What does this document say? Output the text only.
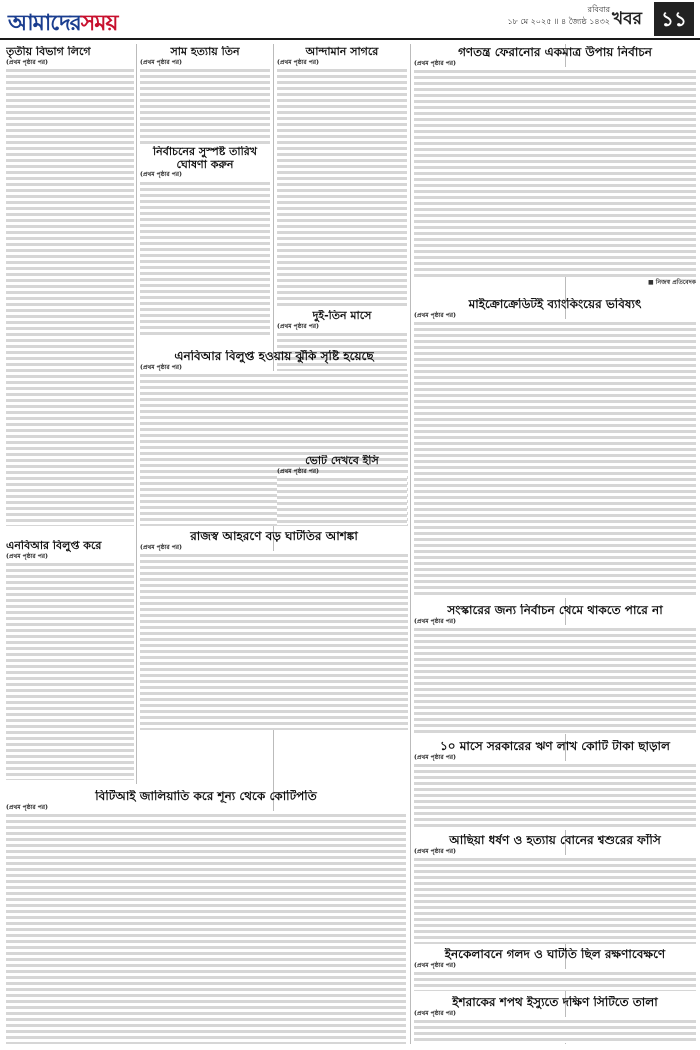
আমাদেরসময়
রবিবার
১৮ মে ২০২৫ ॥ ৪ জ্যৈষ্ঠ ১৪৩২ খবর ১১
তৃতীয় বিভাগ লিগে
(প্রথম পৃষ্ঠার পর)
সাম হত্যায় তিন
(প্রথম পৃষ্ঠার পর)
নির্বাচনের সুস্পষ্ট তারিখ ঘোষণা করুন
(প্রথম পৃষ্ঠার পর)
আন্দামান সাগরে
(প্রথম পৃষ্ঠার পর)
গণতন্ত্র ফেরানোর একমাত্র উপায় নির্বাচন
(প্রথম পৃষ্ঠার পর)
■ নিজস্ব প্রতিবেদক
দুই-তিন মাসে
(প্রথম পৃষ্ঠার পর)
মাইক্রোক্রেডিটই ব্যাংকিংয়ের ভবিষ্যৎ
(প্রথম পৃষ্ঠার পর)
এনবিআর বিলুপ্ত হওয়ায় ঝুঁকি সৃষ্টি হয়েছে
(প্রথম পৃষ্ঠার পর)
সংস্কারের জন্য নির্বাচন থেমে থাকতে পারে না
(প্রথম পৃষ্ঠার পর)
এনবিআর বিলুপ্ত করে
(প্রথম পৃষ্ঠার পর)
রাজস্ব আহরণে বড় ঘাটতির আশঙ্কা
(প্রথম পৃষ্ঠার পর)
ভোট দেখবে ইসি
(প্রথম পৃষ্ঠার পর)
১০ মাসে সরকারের ঋণ লাখ কোটি টাকা ছাড়াল
(প্রথম পৃষ্ঠার পর)
আছিয়া ধর্ষণ ও হত্যায় বোনের শ্বশুরের ফাঁসি
(প্রথম পৃষ্ঠার পর)
বিটিআই জালিয়াতি করে শূন্য থেকে কোটিপতি
(প্রথম পৃষ্ঠার পর)
ইনকেলাবনে গলদ ও ঘাটতি ছিল রক্ষণাবেক্ষণে
(প্রথম পৃষ্ঠার পর)
ইশরাকের শপথ ইস্যুতে দক্ষিণ সিটিতে তালা
(প্রথম পৃষ্ঠার পর)
